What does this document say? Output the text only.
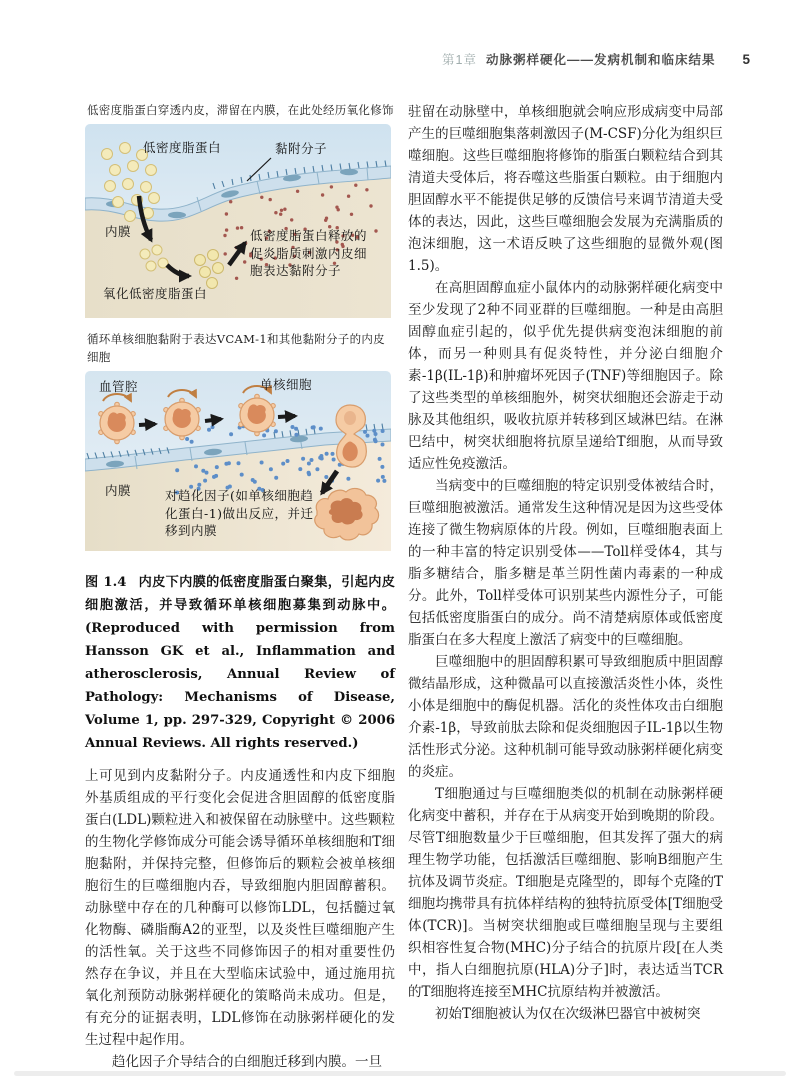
第1章 动脉粥样硬化——发病机制和临床结果 5

低密度脂蛋白穿透内皮，滞留在内膜，在此处经历氧化修饰

低密度脂蛋白	黏附分子
内膜
氧化低密度脂蛋白
低密度脂蛋白释放的促炎脂质刺激内皮细胞表达黏附分子

循环单核细胞黏附于表达VCAM-1和其他黏附分子的内皮细胞

血管腔	单核细胞
内膜	对趋化因子(如单核细胞趋化蛋白-1)做出反应，并迁移到内膜

图 1.4 内皮下内膜的低密度脂蛋白聚集，引起内皮细胞激活，并导致循环单核细胞募集到动脉中。(Reproduced with permission from Hansson GK et al., Inflammation and atherosclerosis, Annual Review of Pathology: Mechanisms of Disease, Volume 1, pp. 297-329, Copyright © 2006 Annual Reviews. All rights reserved.)

上可见到内皮黏附分子。内皮通透性和内皮下细胞外基质组成的平行变化会促进含胆固醇的低密度脂蛋白(LDL)颗粒进入和被保留在动脉壁中。这些颗粒的生物化学修饰成分可能会诱导循环单核细胞和T细胞黏附，并保持完整，但修饰后的颗粒会被单核细胞衍生的巨噬细胞内吞，导致细胞内胆固醇蓄积。动脉壁中存在的几种酶可以修饰LDL，包括髓过氧化物酶、磷脂酶A2的亚型，以及炎性巨噬细胞产生的活性氧。关于这些不同修饰因子的相对重要性仍然存在争议，并且在大型临床试验中，通过施用抗氧化剂预防动脉粥样硬化的策略尚未成功。但是，有充分的证据表明，LDL修饰在动脉粥样硬化的发生过程中起作用。

趋化因子介导结合的白细胞迁移到内膜。一旦

驻留在动脉壁中，单核细胞就会响应形成病变中局部产生的巨噬细胞集落刺激因子(M-CSF)分化为组织巨噬细胞。这些巨噬细胞将修饰的脂蛋白颗粒结合到其清道夫受体后，将吞噬这些脂蛋白颗粒。由于细胞内胆固醇水平不能提供足够的反馈信号来调节清道夫受体的表达，因此，这些巨噬细胞会发展为充满脂质的泡沫细胞，这一术语反映了这些细胞的显微外观(图1.5)。

在高胆固醇血症小鼠体内的动脉粥样硬化病变中至少发现了2种不同亚群的巨噬细胞。一种是由高胆固醇血症引起的，似乎优先提供病变泡沫细胞的前体，而另一种则具有促炎特性，并分泌白细胞介素-1β(IL-1β)和肿瘤坏死因子(TNF)等细胞因子。除了这些类型的单核细胞外，树突状细胞还会游走于动脉及其他组织，吸收抗原并转移到区域淋巴结。在淋巴结中，树突状细胞将抗原呈递给T细胞，从而导致适应性免疫激活。

当病变中的巨噬细胞的特定识别受体被结合时，巨噬细胞被激活。通常发生这种情况是因为这些受体连接了微生物病原体的片段。例如，巨噬细胞表面上的一种丰富的特定识别受体——Toll样受体4，其与脂多糖结合，脂多糖是革兰阴性菌内毒素的一种成分。此外，Toll样受体可识别某些内源性分子，可能包括低密度脂蛋白的成分。尚不清楚病原体或低密度脂蛋白在多大程度上激活了病变中的巨噬细胞。

巨噬细胞中的胆固醇积累可导致细胞质中胆固醇微结晶形成，这种微晶可以直接激活炎性小体，炎性小体是细胞中的酶促机器。活化的炎性体攻击白细胞介素-1β，导致前肽去除和促炎细胞因子IL-1β以生物活性形式分泌。这种机制可能导致动脉粥样硬化病变的炎症。

T细胞通过与巨噬细胞类似的机制在动脉粥样硬化病变中蓄积，并存在于从病变开始到晚期的阶段。尽管T细胞数量少于巨噬细胞，但其发挥了强大的病理生物学功能，包括激活巨噬细胞、影响B细胞产生抗体及调节炎症。T细胞是克隆型的，即每个克隆的T细胞均携带具有抗体样结构的独特抗原受体[T细胞受体(TCR)]。当树突状细胞或巨噬细胞呈现与主要组织相容性复合物(MHC)分子结合的抗原片段[在人类中，指人白细胞抗原(HLA)分子]时，表达适当TCR的T细胞将连接至MHC抗原结构并被激活。

初始T细胞被认为仅在次级淋巴器官中被树突
